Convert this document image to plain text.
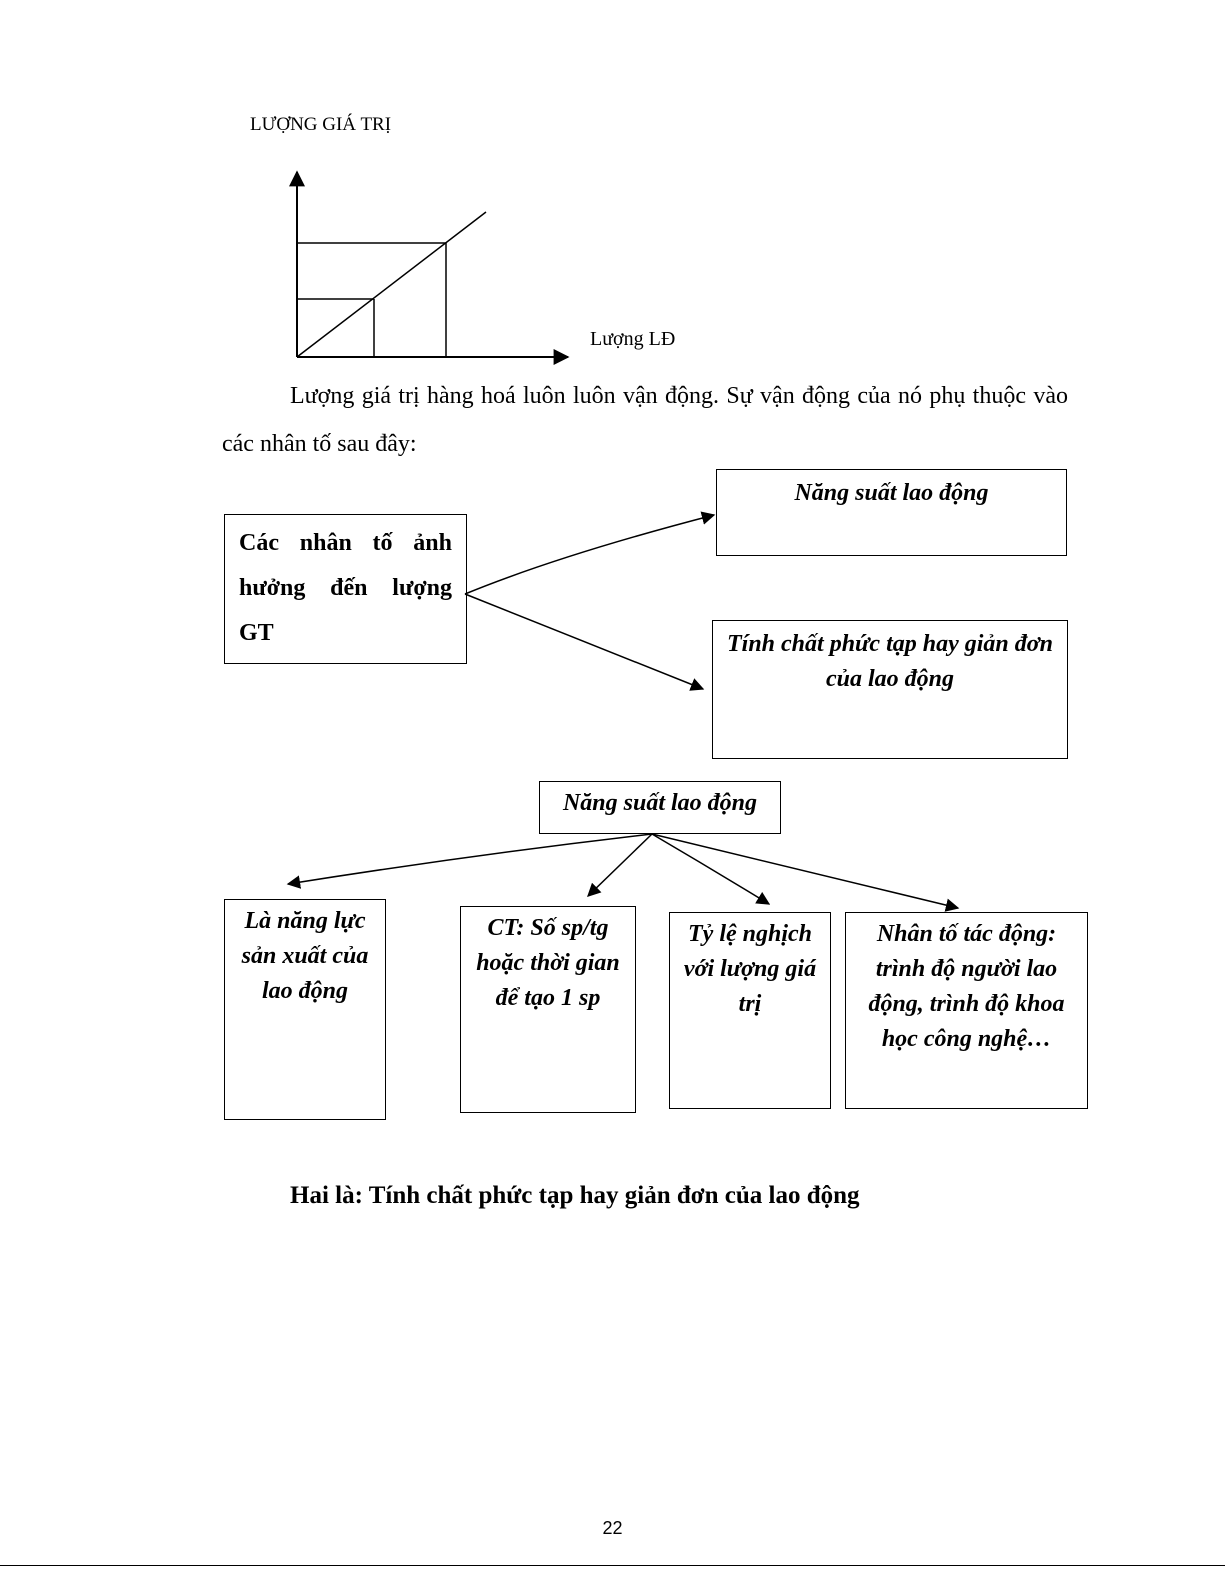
LƯỢNG GIÁ TRỊ
Lượng LĐ
Lượng giá trị hàng hoá luôn luôn vận động. Sự vận động của nó phụ thuộc vào các nhân tố sau đây:
Các nhân tố ảnh hưởng đến lượng GT
Năng suất lao động
Tính chất phức tạp hay giản đơn của lao động
Năng suất lao động
Là năng lực sản xuất của lao động
CT: Số sp/tg hoặc thời gian để tạo 1 sp
Tỷ lệ nghịch với lượng giá trị
Nhân tố tác động: trình độ người lao động, trình độ khoa học công nghệ…
Hai là: Tính chất phức tạp hay giản đơn của lao động
22
